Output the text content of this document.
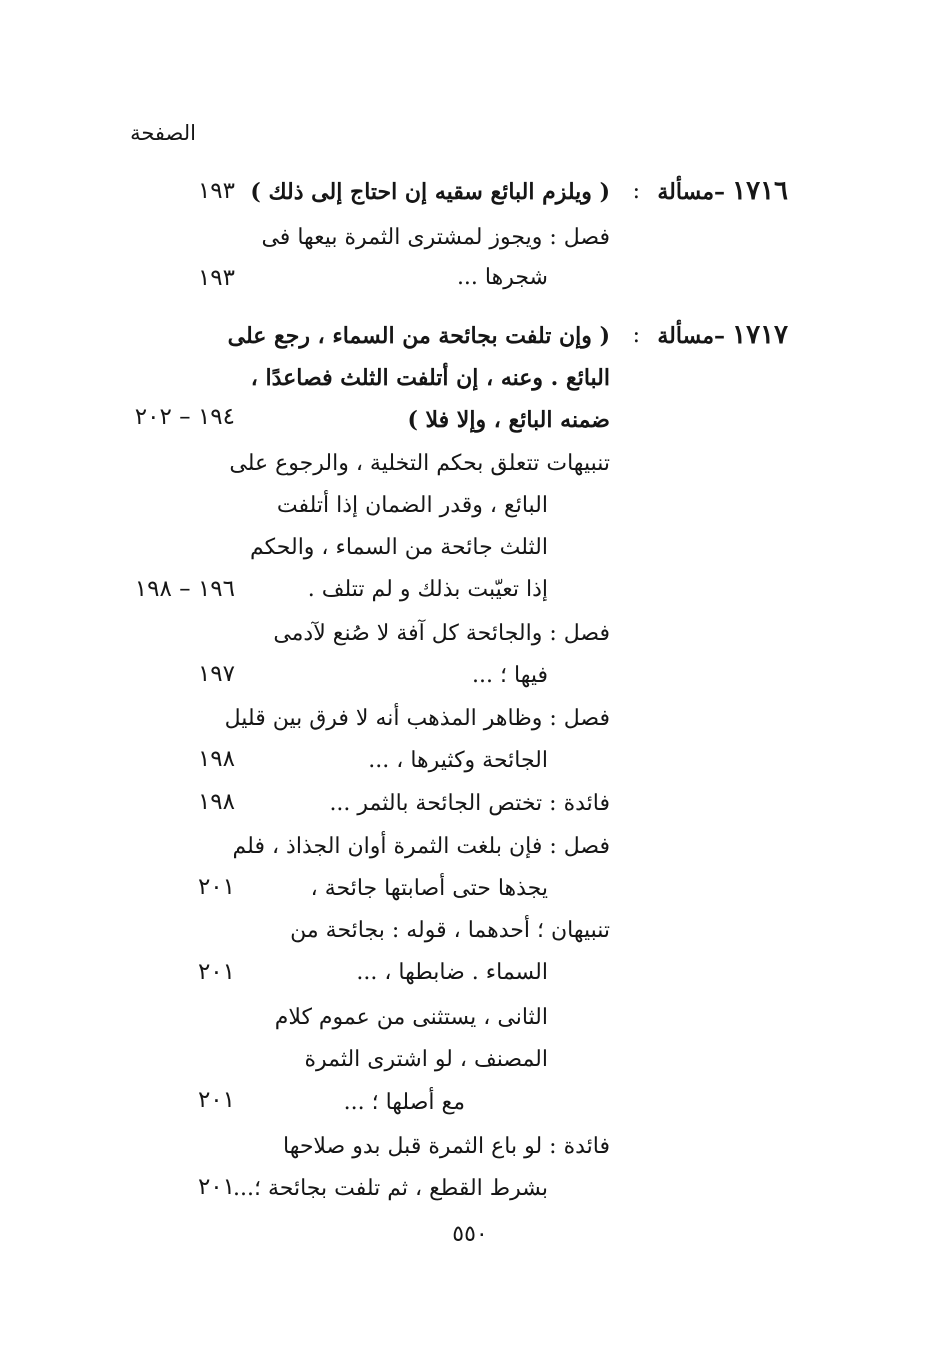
الصفحة
١٧١٦
–مسألة
:
( ويلزم البائع سقيه إن احتاج إلى ذلك )
١٩٣
فصل : ويجوز لمشترى الثمرة بيعها فى
شجرها ...
١٩٣
١٧١٧
–مسألة
:
( وإن تلفت بجائحة من السماء ، رجع على
البائع . وعنه ، إن أتلفت الثلث فصاعدًا ،
ضمنه البائع ، وإلا فلا )
١٩٤ – ٢٠٢
تنبيهات تتعلق بحكم التخلية ، والرجوع على
البائع ، وقدر الضمان إذا أتلفت
الثلث جائحة من السماء ، والحكم
إذا تعيّبت بذلك و لم تتلف .
١٩٦ – ١٩٨
فصل : والجائحة كل آفة لا صُنع لآدمى
فيها ؛ ...
١٩٧
فصل : وظاهر المذهب أنه لا فرق بين قليل
الجائحة وكثيرها ، ...
١٩٨
فائدة : تختص الجائحة بالثمر ...
١٩٨
فصل : فإن بلغت الثمرة أوان الجذاذ ، فلم
يجذها حتى أصابتها جائحة ،
٢٠١
تنبيهان ؛ أحدهما ، قوله : بجائحة من
السماء . ضابطها ، ...
٢٠١
الثانى ، يستثنى من عموم كلام
المصنف ، لو اشترى الثمرة
مع أصلها ؛ ...
٢٠١
فائدة : لو باع الثمرة قبل بدو صلاحها
بشرط القطع ، ثم تلفت بجائحة ؛...
٢٠١
٥٥٠
